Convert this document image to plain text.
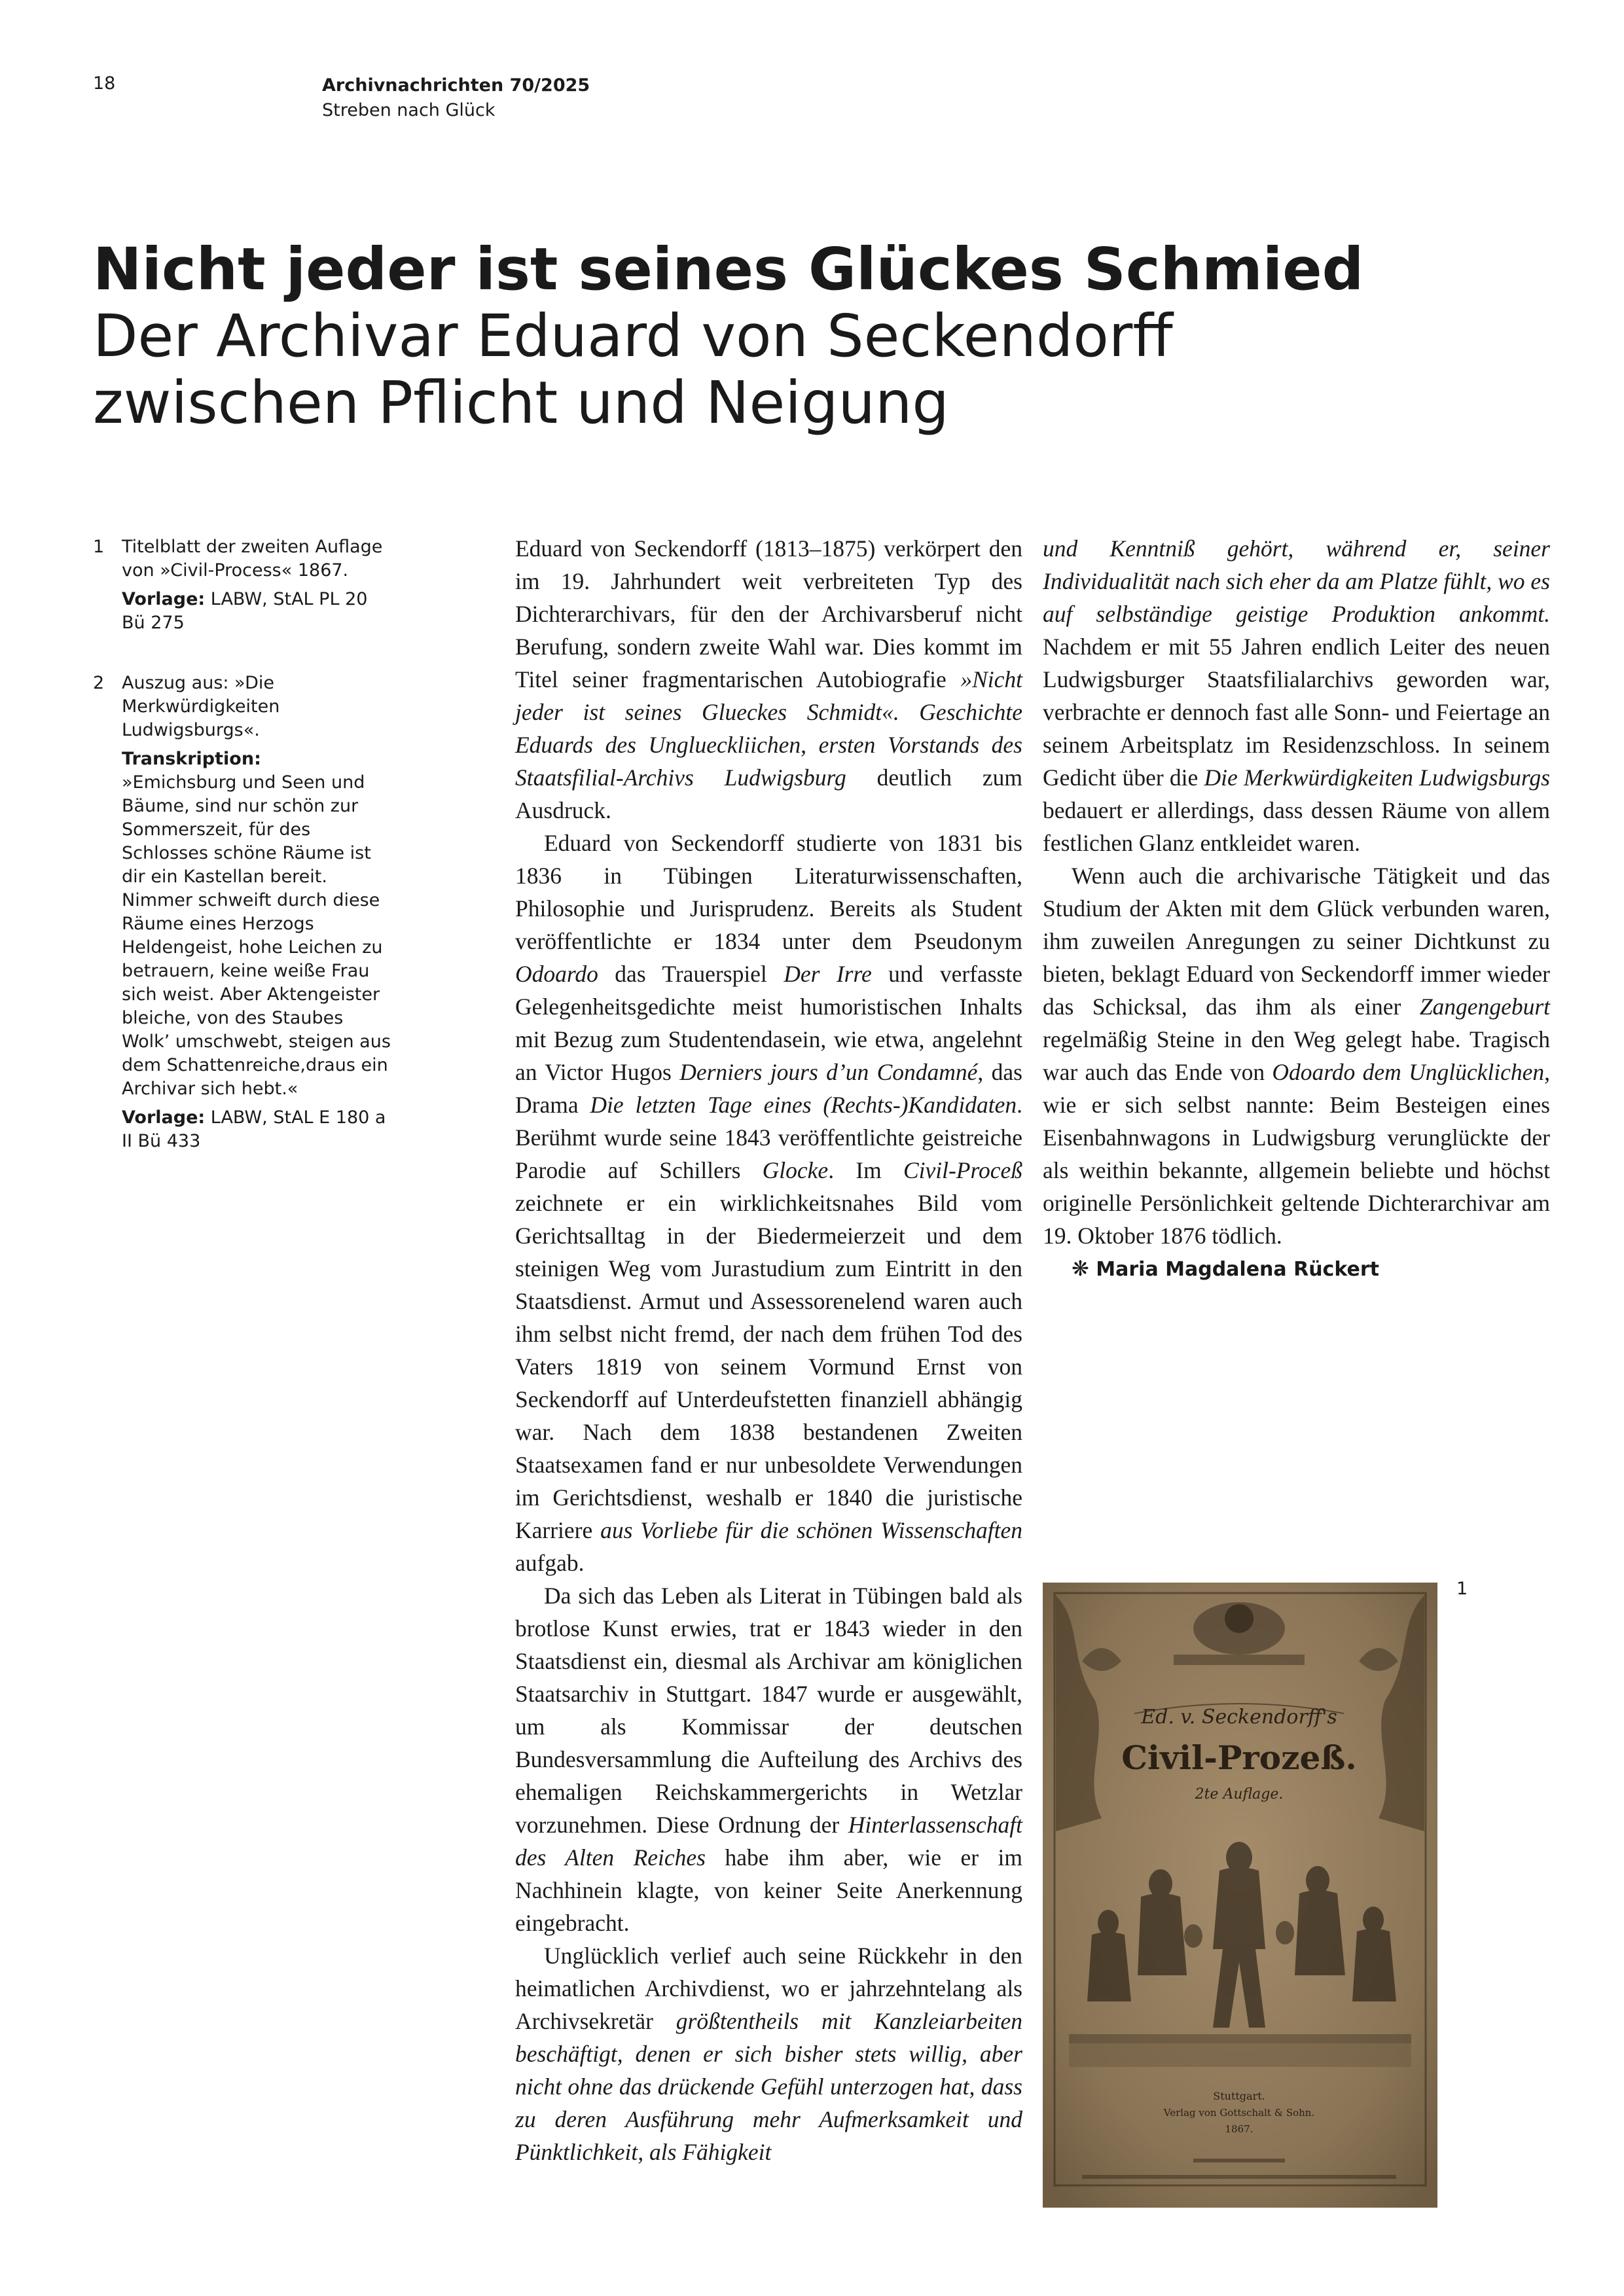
18	Archivnachrichten 70/2025
Streben nach Glück
Nicht jeder ist seines Glückes Schmied
Der Archivar Eduard von Seckendorff
zwischen Pflicht und Neigung
1 Titelblatt der zweiten Auflage von »Civil-Process« 1867.

Vorlage: LABW, StAL PL 20 Bü 275

2 Auszug aus: »Die Merkwürdigkeiten Ludwigsburgs«.

Transkription:

»Emichsburg und Seen und Bäume, sind nur schön zur Sommerszeit, für des Schlosses schöne Räume ist dir ein Kastellan bereit. Nimmer schweift durch diese Räume eines Herzogs Heldengeist, hohe Leichen zu betrauern, keine weiße Frau sich weist. Aber Aktengeister bleiche, von des Staubes Wolk’ umschwebt, steigen aus dem Schattenreiche,draus ein Archivar sich hebt.«

Vorlage: LABW, StAL E 180 a II Bü 433

Eduard von Seckendorff (1813–1875) verkörpert den im 19. Jahrhundert weit verbreiteten Typ des Dichterarchivars, für den der Archivarsberuf nicht Berufung, sondern zweite Wahl war. Dies kommt im Titel seiner fragmentarischen Autobiografie »Nicht jeder ist seines Glueckes Schmidt«. Geschichte Eduards des Unglueckliichen, ersten Vorstands des Staatsfilial-Archivs Ludwigsburg deutlich zum Ausdruck.

Eduard von Seckendorff studierte von 1831 bis 1836 in Tübingen Literaturwissenschaften, Philosophie und Jurisprudenz. Bereits als Student veröffentlichte er 1834 unter dem Pseudonym Odoardo das Trauerspiel Der Irre und verfasste Gelegenheitsgedichte meist humoristischen Inhalts mit Bezug zum Studentendasein, wie etwa, angelehnt an Victor Hugos Derniers jours d’un Condamné, das Drama Die letzten Tage eines (Rechts-)Kandidaten. Berühmt wurde seine 1843 veröffentlichte geistreiche Parodie auf Schillers Glocke. Im Civil-Proceß zeichnete er ein wirklichkeitsnahes Bild vom Gerichtsalltag in der Biedermeierzeit und dem steinigen Weg vom Jurastudium zum Eintritt in den Staatsdienst. Armut und Assessorenelend waren auch ihm selbst nicht fremd, der nach dem frühen Tod des Vaters 1819 von seinem Vormund Ernst von Seckendorff auf Unterdeufstetten finanziell abhängig war. Nach dem 1838 bestandenen Zweiten Staatsexamen fand er nur unbesoldete Verwendungen im Gerichtsdienst, weshalb er 1840 die juristische Karriere aus Vorliebe für die schönen Wissenschaften aufgab.

Da sich das Leben als Literat in Tübingen bald als brotlose Kunst erwies, trat er 1843 wieder in den Staatsdienst ein, diesmal als Archivar am königlichen Staatsarchiv in Stuttgart. 1847 wurde er ausgewählt, um als Kommissar der deutschen Bundesversammlung die Aufteilung des Archivs des ehemaligen Reichskammergerichts in Wetzlar vorzunehmen. Diese Ordnung der Hinterlassenschaft des Alten Reiches habe ihm aber, wie er im Nachhinein klagte, von keiner Seite Anerkennung eingebracht.

Unglücklich verlief auch seine Rückkehr in den heimatlichen Archivdienst, wo er jahrzehntelang als Archivsekretär größtentheils mit Kanzleiarbeiten beschäftigt, denen er sich bisher stets willig, aber nicht ohne das drückende Gefühl unterzogen hat, dass zu deren Ausführung mehr Aufmerksamkeit und Pünktlichkeit, als Fähigkeit

und Kenntniß gehört, während er, seiner Individualität nach sich eher da am Platze fühlt, wo es auf selbständige geistige Produktion ankommt. Nachdem er mit 55 Jahren endlich Leiter des neuen Ludwigsburger Staatsfilialarchivs geworden war, verbrachte er dennoch fast alle Sonn- und Feiertage an seinem Arbeitsplatz im Residenzschloss. In seinem Gedicht über die Die Merkwürdigkeiten Ludwigsburgs bedauert er allerdings, dass dessen Räume von allem festlichen Glanz entkleidet waren.

Wenn auch die archivarische Tätigkeit und das Studium der Akten mit dem Glück verbunden waren, ihm zuweilen Anregungen zu seiner Dichtkunst zu bieten, beklagt Eduard von Seckendorff immer wieder das Schicksal, das ihm als einer Zangengeburt regelmäßig Steine in den Weg gelegt habe. Tragisch war auch das Ende von Odoardo dem Unglücklichen, wie er sich selbst nannte: Beim Besteigen eines Eisenbahnwagons in Ludwigsburg verunglückte der als weithin bekannte, allgemein beliebte und höchst originelle Persönlichkeit geltende Dichterarchivar am 19. Oktober 1876 tödlich.

❋ Maria Magdalena Rückert

1
Ed. v. Seckendorff's
Civil-Prozeß.
2te Auflage.
Stuttgart.
Verlag von Gottschalt & Sohn.
1867.
